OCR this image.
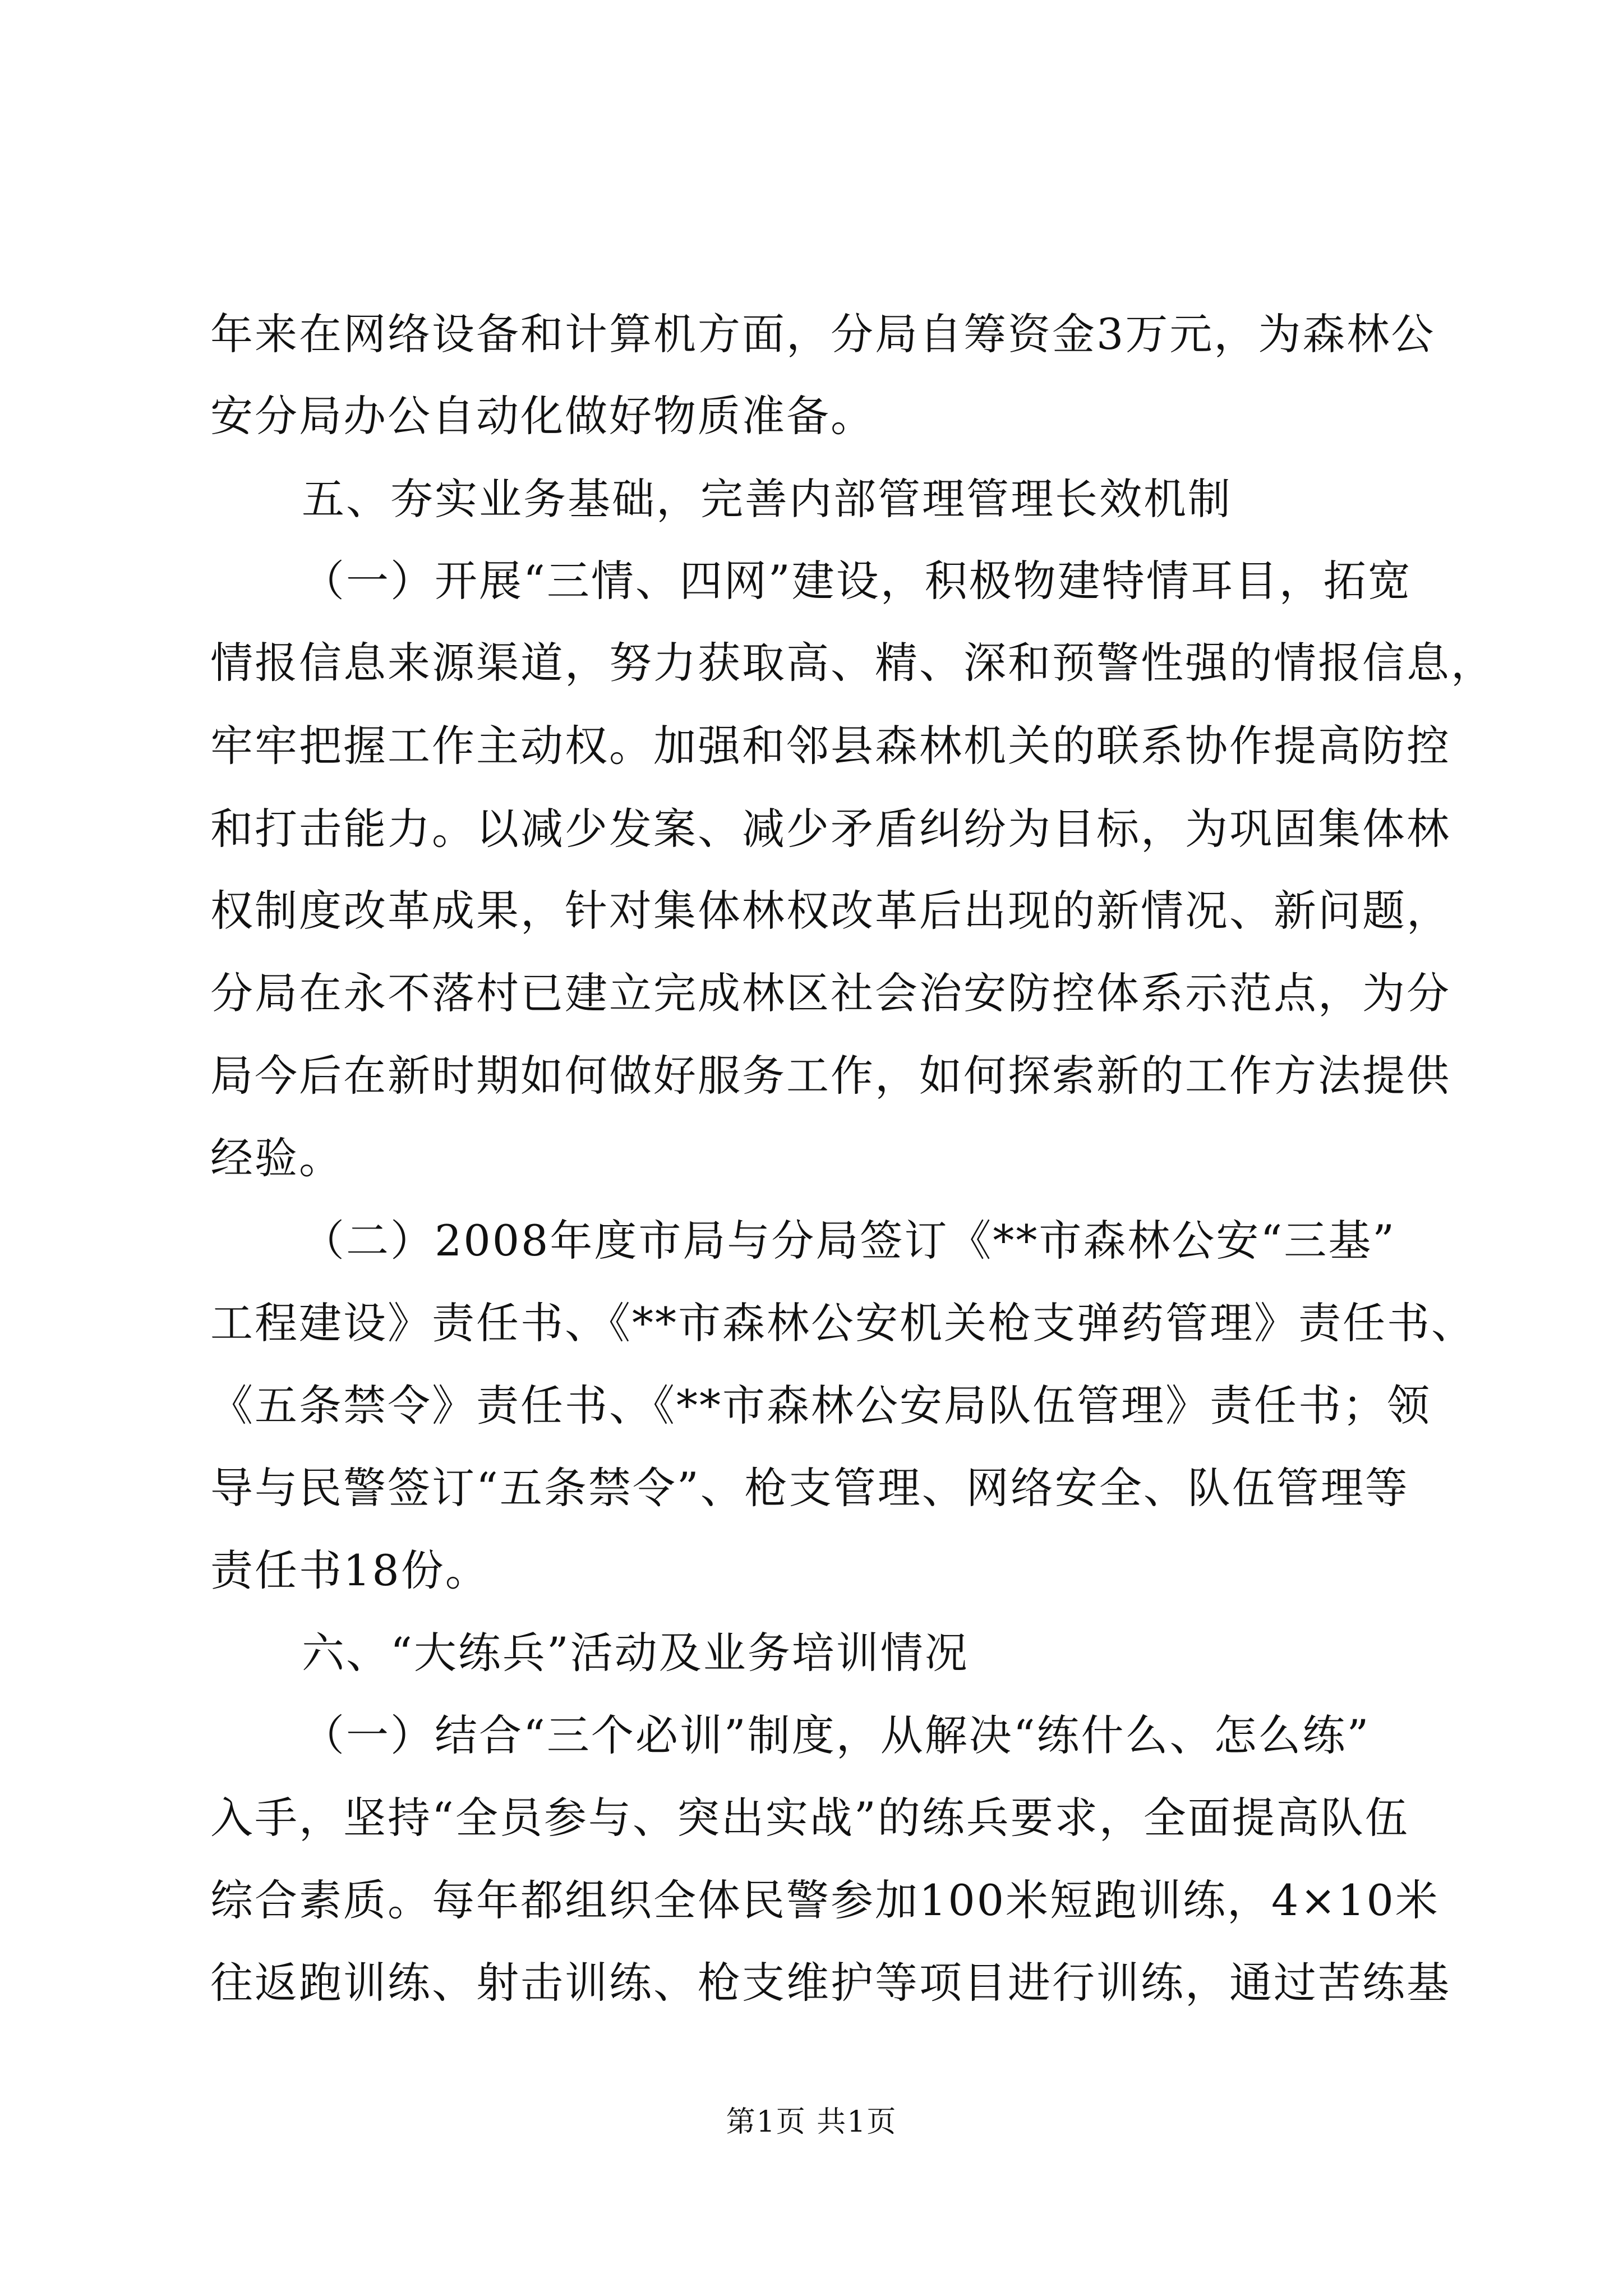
年来在网络设备和计算机方面，分局自筹资金3万元，为森林公
安分局办公自动化做好物质准备。
五、夯实业务基础，完善内部管理管理长效机制
（一）开展“三情、四网”建设，积极物建特情耳目，拓宽
情报信息来源渠道，努力获取高、精、深和预警性强的情报信息，
牢牢把握工作主动权。加强和邻县森林机关的联系协作提高防控
和打击能力。以减少发案、减少矛盾纠纷为目标，为巩固集体林
权制度改革成果，针对集体林权改革后出现的新情况、新问题，
分局在永不落村已建立完成林区社会治安防控体系示范点，为分
局今后在新时期如何做好服务工作，如何探索新的工作方法提供
经验。
（二）2008年度市局与分局签订《**市森林公安“三基”
工程建设》责任书、《**市森林公安机关枪支弹药管理》责任书、
《五条禁令》责任书、《**市森林公安局队伍管理》责任书；领
导与民警签订“五条禁令”、枪支管理、网络安全、队伍管理等
责任书18份。
六、“大练兵”活动及业务培训情况
（一）结合“三个必训”制度，从解决“练什么、怎么练”
入手，坚持“全员参与、突出实战”的练兵要求，全面提高队伍
综合素质。每年都组织全体民警参加100米短跑训练，4×10米
往返跑训练、射击训练、枪支维护等项目进行训练，通过苦练基
第1页 共1页
